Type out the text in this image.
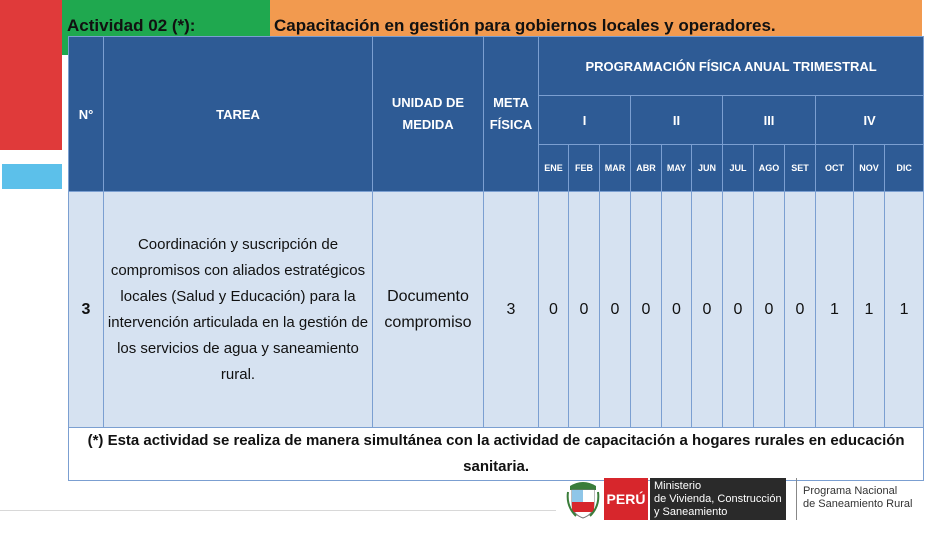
Actividad 02 (*):	Capacitación en gestión para gobiernos locales y operadores.
N°	TAREA	UNIDAD DE MEDIDA	META FÍSICA	PROGRAMACIÓN FÍSICA ANUAL TRIMESTRAL											
				I			II			III			IV		
				ENE	FEB	MAR	ABR	MAY	JUN	JUL	AGO	SET	OCT	NOV	DIC
3	Coordinación y suscripción de compromisos con aliados estratégicos locales (Salud y Educación) para la intervención articulada en la gestión de los servicios de agua y saneamiento rural.	Documento compromiso	3	0	0	0	0	0	0	0	0	0	1	1	1
(*) Esta actividad se realiza de manera simultánea con la actividad de capacitación a hogares rurales en educación sanitaria.															
PERÚ
Ministerio
de Vivienda, Construcción
y Saneamiento
Programa Nacional
de Saneamiento Rural
